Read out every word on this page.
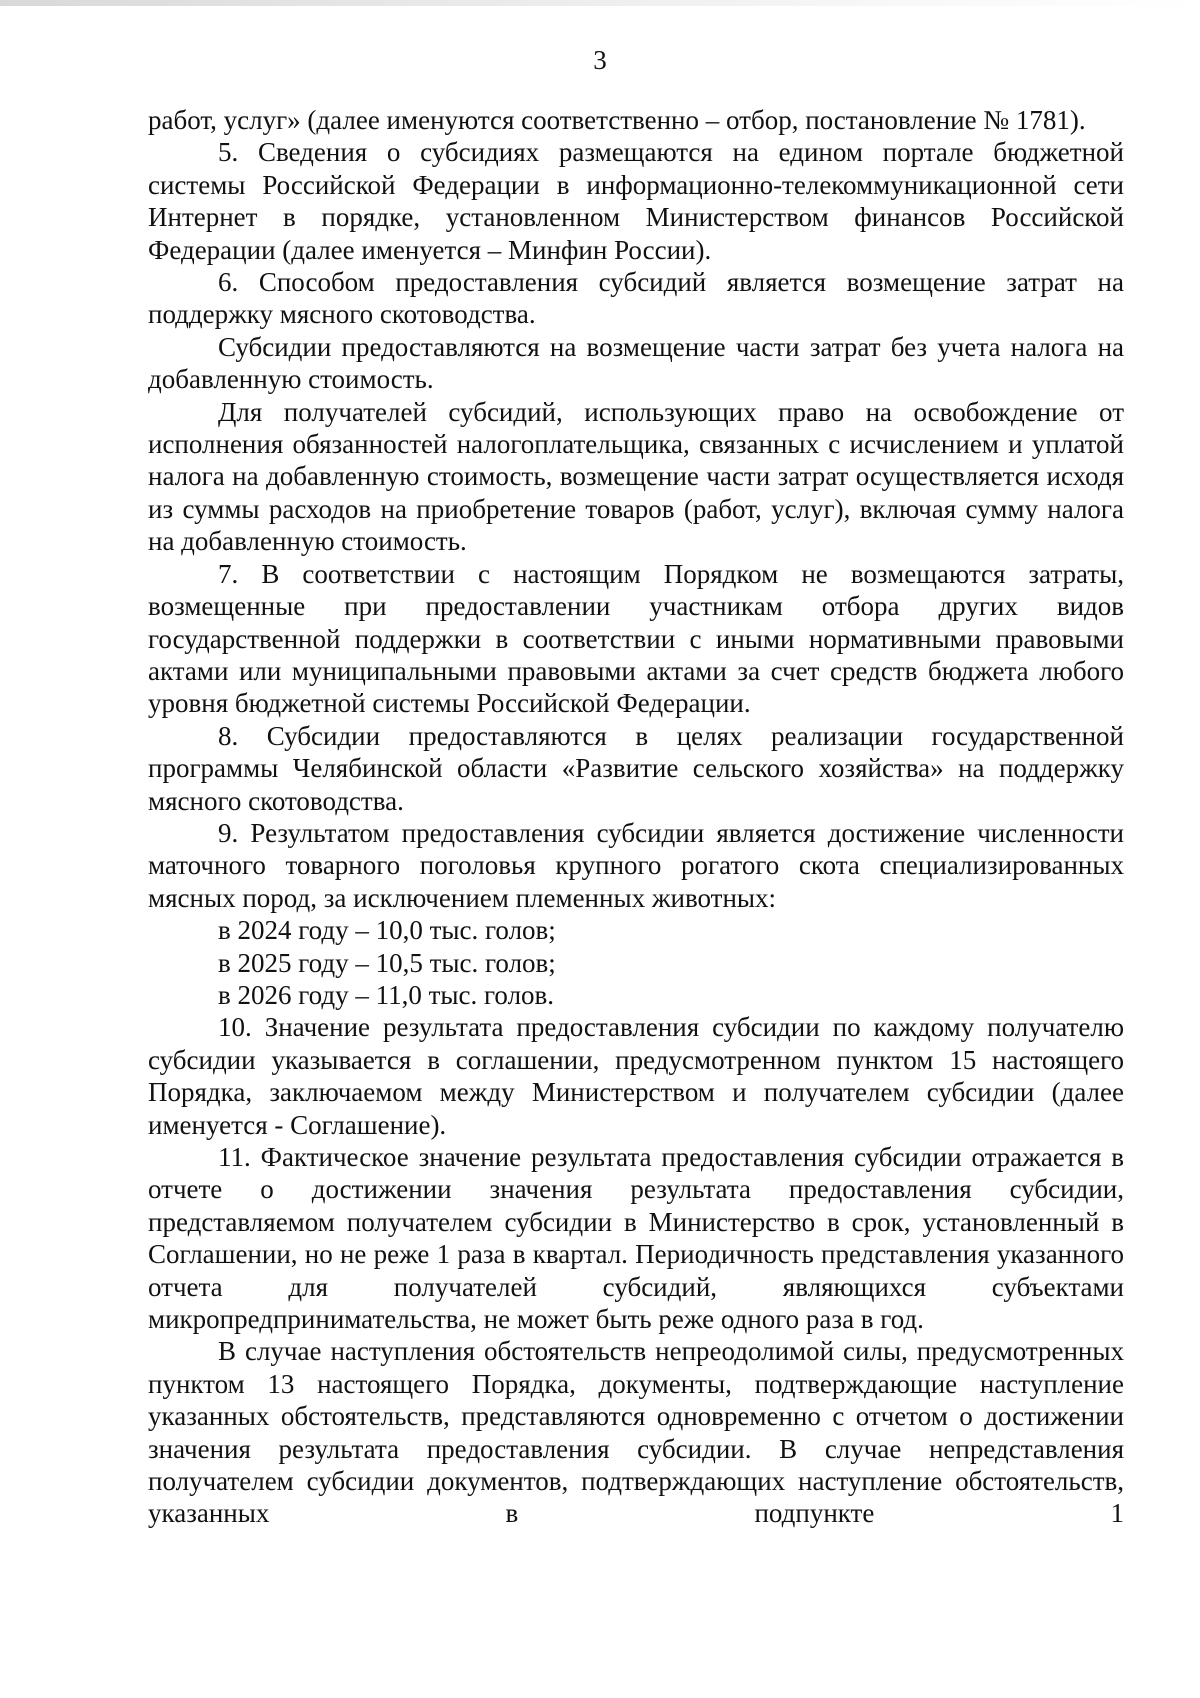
3

работ, услуг» (далее именуются соответственно – отбор, постановление № 1781).

5. Сведения о субсидиях размещаются на едином портале бюджетной системы Российской Федерации в информационно-телекоммуникационной сети Интернет в порядке, установленном Министерством финансов Российской Федерации (далее именуется – Минфин России).

6. Способом предоставления субсидий является возмещение затрат на поддержку мясного скотоводства.

Субсидии предоставляются на возмещение части затрат без учета налога на добавленную стоимость.

Для получателей субсидий, использующих право на освобождение от исполнения обязанностей налогоплательщика, связанных с исчислением и уплатой налога на добавленную стоимость, возмещение части затрат осуществляется исходя из суммы расходов на приобретение товаров (работ, услуг), включая сумму налога на добавленную стоимость.

7. В соответствии с настоящим Порядком не возмещаются затраты, возмещенные при предоставлении участникам отбора других видов государственной поддержки в соответствии с иными нормативными правовыми актами или муниципальными правовыми актами за счет средств бюджета любого уровня бюджетной системы Российской Федерации.

8. Субсидии предоставляются в целях реализации государственной программы Челябинской области «Развитие сельского хозяйства» на поддержку мясного скотоводства.

9. Результатом предоставления субсидии является достижение численности маточного товарного поголовья крупного рогатого скота специализированных мясных пород, за исключением племенных животных:

в 2024 году – 10,0 тыс. голов;

в 2025 году – 10,5 тыс. голов;

в 2026 году – 11,0 тыс. голов.

10. Значение результата предоставления субсидии по каждому получателю субсидии указывается в соглашении, предусмотренном пунктом 15 настоящего Порядка, заключаемом между Министерством и получателем субсидии (далее именуется - Соглашение).

11. Фактическое значение результата предоставления субсидии отражается в отчете о достижении значения результата предоставления субсидии, представляемом получателем субсидии в Министерство в срок, установленный в Соглашении, но не реже 1 раза в квартал. Периодичность представления указанного отчета для получателей субсидий, являющихся субъектами микропредпринимательства, не может быть реже одного раза в год.

В случае наступления обстоятельств непреодолимой силы, предусмотренных пунктом 13 настоящего Порядка, документы, подтверждающие наступление указанных обстоятельств, представляются одновременно с отчетом о достижении значения результата предоставления субсидии. В случае непредставления получателем субсидии документов, подтверждающих наступление обстоятельств, указанных в подпункте 1
